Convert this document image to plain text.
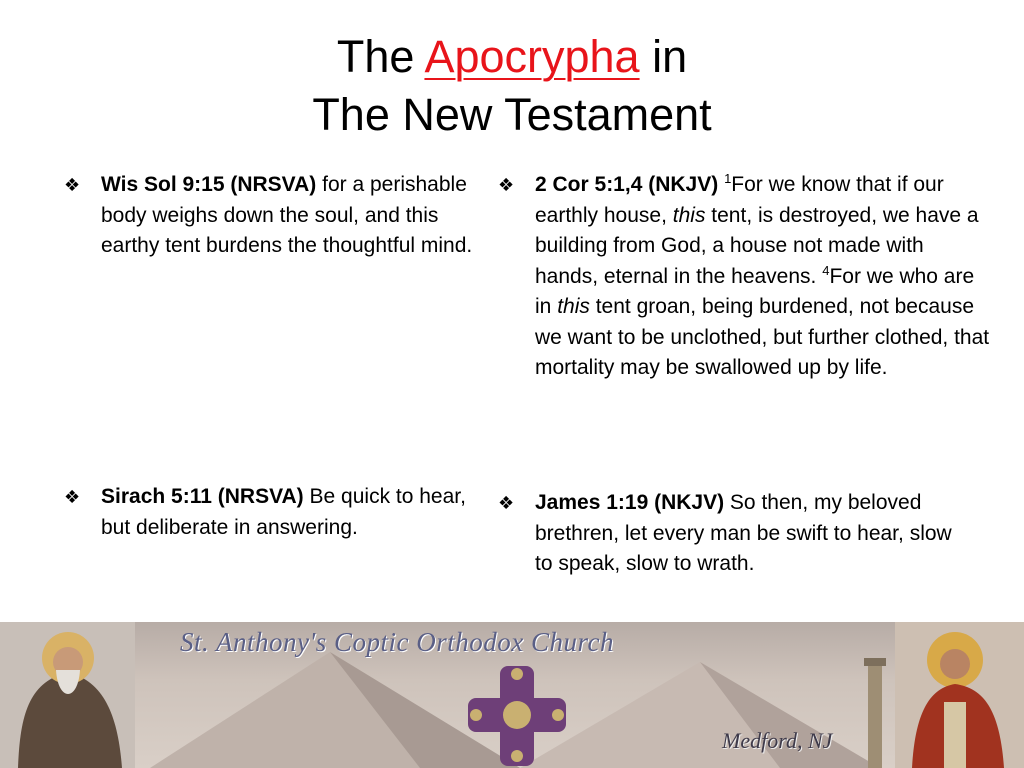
The Apocrypha in
The New Testament
❖ Wis Sol 9:15 (NRSVA) for a perishable body weighs down the soul, and this earthy tent burdens the thoughtful mind.
❖ Sirach 5:11 (NRSVA) Be quick to hear, but deliberate in answering.
❖ 2 Cor 5:1,4 (NKJV) $^1$For we know that if our earthly house, this tent, is destroyed, we have a building from God, a house not made with hands, eternal in the heavens. $^4$For we who are in this tent groan, being burdened, not because we want to be unclothed, but further clothed, that mortality may be swallowed up by life.
❖ James 1:19 (NKJV) So then, my beloved brethren, let every man be swift to hear, slow to speak, slow to wrath.
St. Anthony's Coptic Orthodox Church
Medford, NJ
